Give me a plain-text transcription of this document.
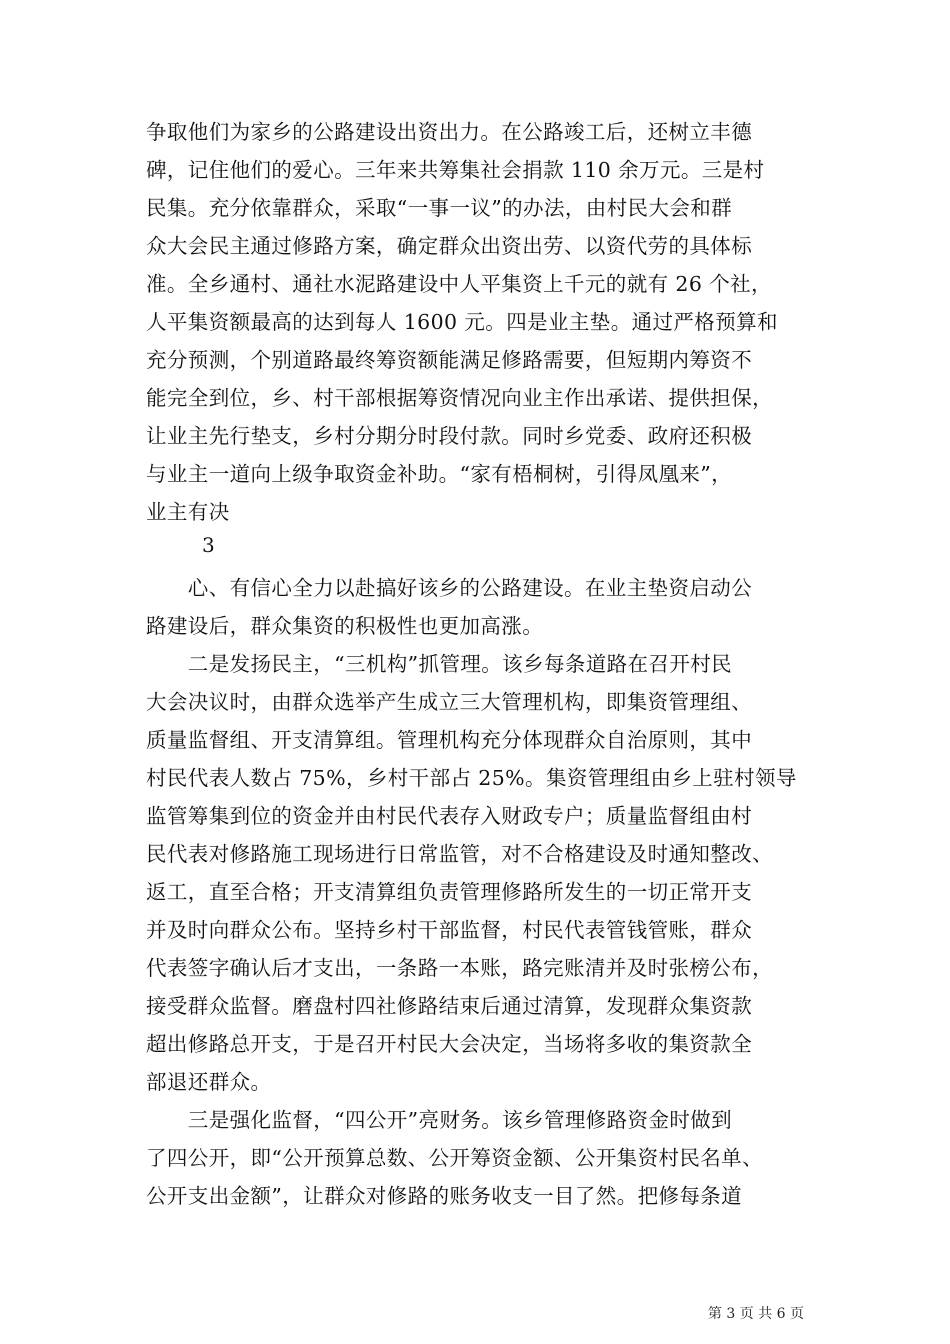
争取他们为家乡的公路建设出资出力。在公路竣工后，还树立丰德
碑，记住他们的爱心。三年来共筹集社会捐款 110 余万元。三是村
民集。充分依靠群众，采取“一事一议”的办法，由村民大会和群
众大会民主通过修路方案，确定群众出资出劳、以资代劳的具体标
准。全乡通村、通社水泥路建设中人平集资上千元的就有 26 个社，
人平集资额最高的达到每人 1600 元。四是业主垫。通过严格预算和
充分预测，个别道路最终筹资额能满足修路需要，但短期内筹资不
能完全到位，乡、村干部根据筹资情况向业主作出承诺、提供担保，
让业主先行垫支，乡村分期分时段付款。同时乡党委、政府还积极
与业主一道向上级争取资金补助。“家有梧桐树，引得凤凰来”，
业主有决
3
　　心、有信心全力以赴搞好该乡的公路建设。在业主垫资启动公
路建设后，群众集资的积极性也更加高涨。
　　二是发扬民主，“三机构”抓管理。该乡每条道路在召开村民
大会决议时，由群众选举产生成立三大管理机构，即集资管理组、
质量监督组、开支清算组。管理机构充分体现群众自治原则，其中
村民代表人数占 75%，乡村干部占 25%。集资管理组由乡上驻村领导
监管筹集到位的资金并由村民代表存入财政专户；质量监督组由村
民代表对修路施工现场进行日常监管，对不合格建设及时通知整改、
返工，直至合格；开支清算组负责管理修路所发生的一切正常开支
并及时向群众公布。坚持乡村干部监督，村民代表管钱管账，群众
代表签字确认后才支出，一条路一本账，路完账清并及时张榜公布，
接受群众监督。磨盘村四社修路结束后通过清算，发现群众集资款
超出修路总开支，于是召开村民大会决定，当场将多收的集资款全
部退还群众。
　　三是强化监督，“四公开”亮财务。该乡管理修路资金时做到
了四公开，即“公开预算总数、公开筹资金额、公开集资村民名单、
公开支出金额”，让群众对修路的账务收支一目了然。把修每条道
第 3 页 共 6 页
